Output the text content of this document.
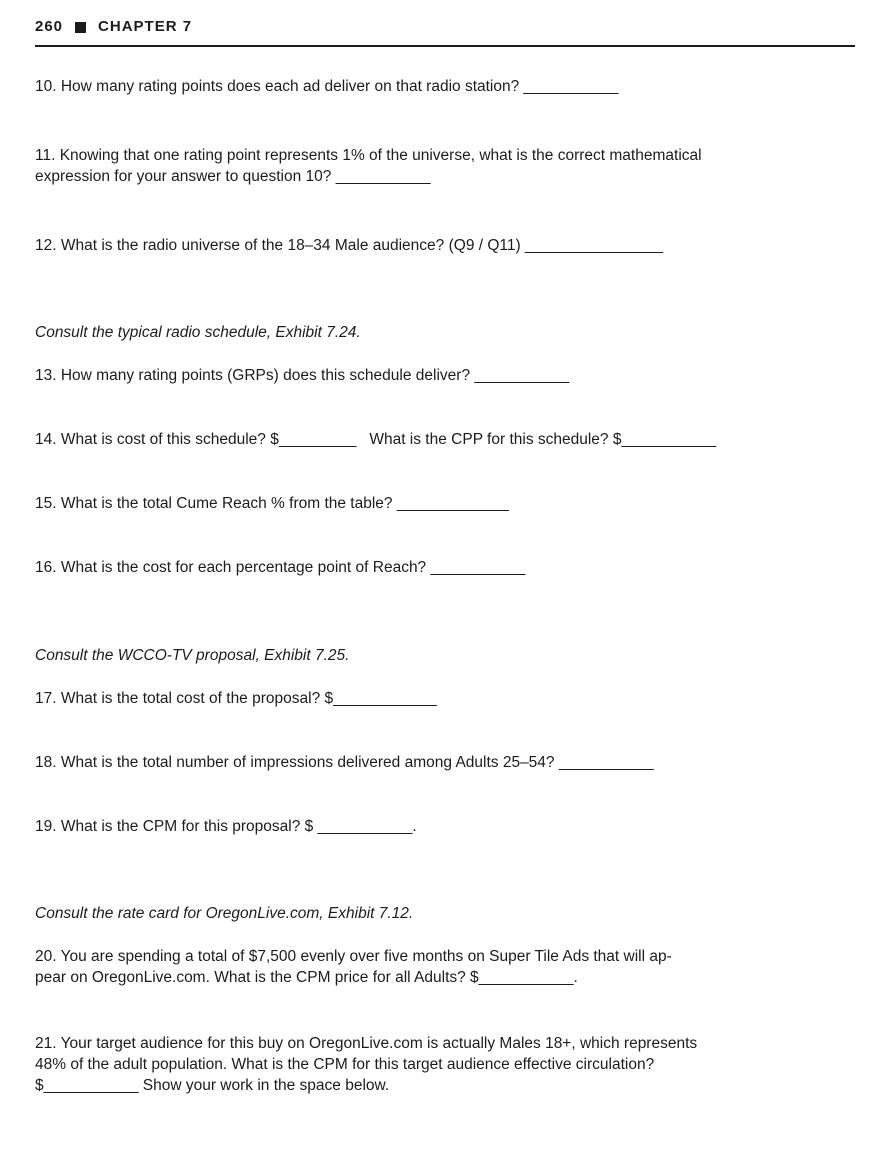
260 CHAPTER 7
10. How many rating points does each ad deliver on that radio station? ___________
11. Knowing that one rating point represents 1% of the universe, what is the correct mathematical
expression for your answer to question 10? ___________
12. What is the radio universe of the 18–34 Male audience? (Q9 / Q11) ________________
Consult the typical radio schedule, Exhibit 7.24.
13. How many rating points (GRPs) does this schedule deliver? ___________
14. What is cost of this schedule? $_________   What is the CPP for this schedule? $___________
15. What is the total Cume Reach % from the table? _____________
16. What is the cost for each percentage point of Reach? ___________
Consult the WCCO-TV proposal, Exhibit 7.25.
17. What is the total cost of the proposal? $____________
18. What is the total number of impressions delivered among Adults 25–54? ___________
19. What is the CPM for this proposal? $ ___________.
Consult the rate card for OregonLive.com, Exhibit 7.12.
20. You are spending a total of $7,500 evenly over five months on Super Tile Ads that will ap-
pear on OregonLive.com. What is the CPM price for all Adults? $___________.
21. Your target audience for this buy on OregonLive.com is actually Males 18+, which represents
48% of the adult population. What is the CPM for this target audience effective circulation?
$___________ Show your work in the space below.
